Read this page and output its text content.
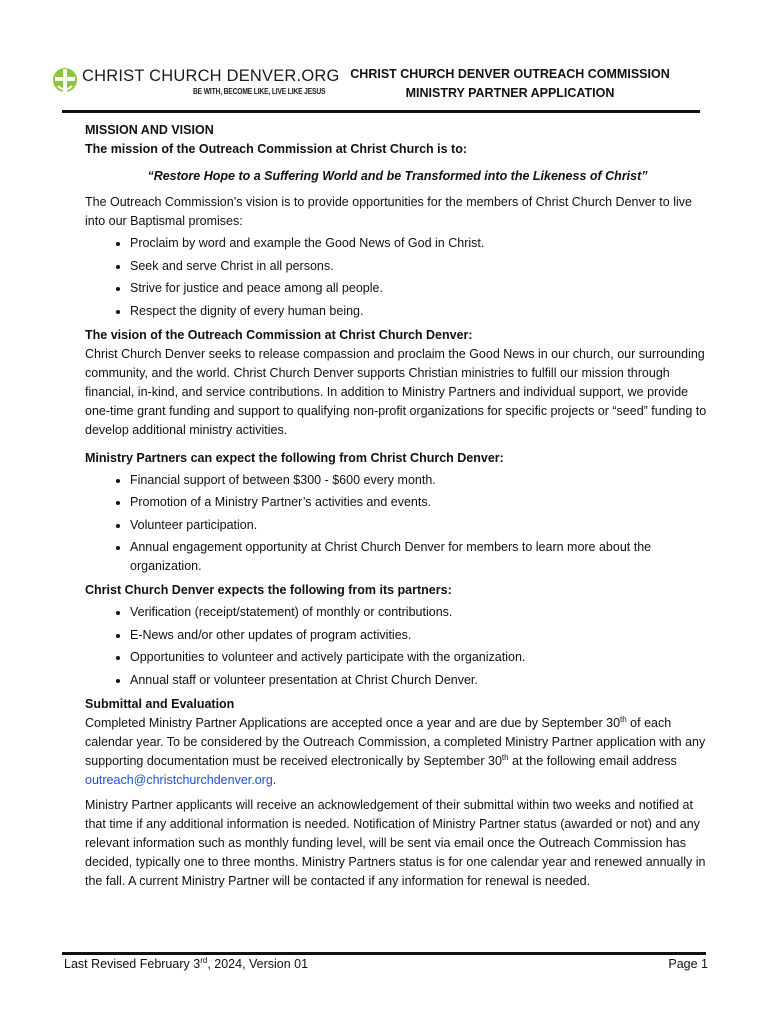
CHRIST CHURCH DENVER.ORG
BE WITH, BECOME LIKE, LIVE LIKE JESUS
CHRIST CHURCH DENVER OUTREACH COMMISSION
MINISTRY PARTNER APPLICATION

MISSION AND VISION

The mission of the Outreach Commission at Christ Church is to:

“Restore Hope to a Suffering World and be Transformed into the Likeness of Christ”

The Outreach Commission’s vision is to provide opportunities for the members of Christ Church Denver to live into our Baptismal promises:

• Proclaim by word and example the Good News of God in Christ.
• Seek and serve Christ in all persons.
• Strive for justice and peace among all people.
• Respect the dignity of every human being.

The vision of the Outreach Commission at Christ Church Denver:

Christ Church Denver seeks to release compassion and proclaim the Good News in our church, our surrounding community, and the world. Christ Church Denver supports Christian ministries to fulfill our mission through financial, in-kind, and service contributions. In addition to Ministry Partners and individual support, we provide one-time grant funding and support to qualifying non-profit organizations for specific projects or “seed” funding to develop additional ministry activities.

Ministry Partners can expect the following from Christ Church Denver:

• Financial support of between $300 - $600 every month.
• Promotion of a Ministry Partner’s activities and events.
• Volunteer participation.
• Annual engagement opportunity at Christ Church Denver for members to learn more about the organization.

Christ Church Denver expects the following from its partners:

• Verification (receipt/statement) of monthly or contributions.
• E-News and/or other updates of program activities.
• Opportunities to volunteer and actively participate with the organization.
• Annual staff or volunteer presentation at Christ Church Denver.

Submittal and Evaluation

Completed Ministry Partner Applications are accepted once a year and are due by September 30th of each calendar year. To be considered by the Outreach Commission, a completed Ministry Partner application with any supporting documentation must be received electronically by September 30th at the following email address outreach@christchurchdenver.org.

Ministry Partner applicants will receive an acknowledgement of their submittal within two weeks and notified at that time if any additional information is needed. Notification of Ministry Partner status (awarded or not) and any relevant information such as monthly funding level, will be sent via email once the Outreach Commission has decided, typically one to three months. Ministry Partners status is for one calendar year and renewed annually in the fall. A current Ministry Partner will be contacted if any information for renewal is needed.

Last Revised February 3rd, 2024, Version 01	Page 1
